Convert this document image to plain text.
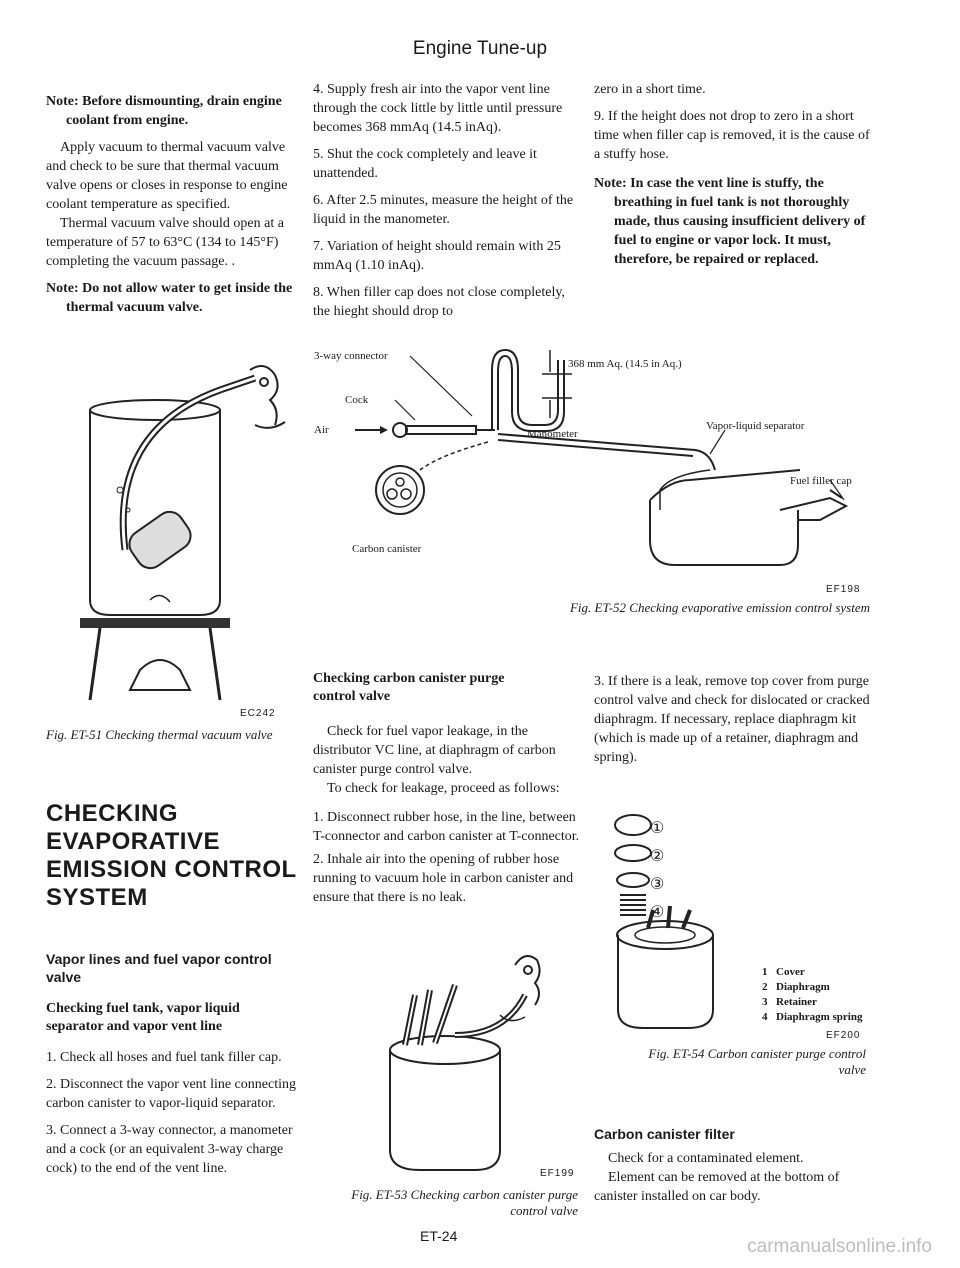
Engine Tune-up

Note: Before dismounting, drain engine coolant from engine.

Apply vacuum to thermal vacuum valve and check to be sure that thermal vacuum valve opens or closes in response to engine coolant temperature as specified.

Thermal vacuum valve should open at a temperature of 57 to 63°C (134 to 145°F) completing the vacuum passage. .

Note: Do not allow water to get inside the thermal vacuum valve.

EC242
Fig. ET-51 Checking thermal vacuum valve

CHECKING EVAPORATIVE EMISSION CONTROL SYSTEM

Vapor lines and fuel vapor control valve

Checking fuel tank, vapor liquid separator and vapor vent line

1. Check all hoses and fuel tank filler cap.

2. Disconnect the vapor vent line connecting carbon canister to vapor-liquid separator.

3. Connect a 3-way connector, a manometer and a cock (or an equivalent 3-way charge cock) to the end of the vent line.

4. Supply fresh air into the vapor vent line through the cock little by little until pressure becomes 368 mmAq (14.5 inAq).

5. Shut the cock completely and leave it unattended.

6. After 2.5 minutes, measure the height of the liquid in the manometer.

7. Variation of height should remain with 25 mmAq (1.10 inAq).

8. When filler cap does not close completely, the hieght should drop to

zero in a short time.

9. If the height does not drop to zero in a short time when filler cap is removed, it is the cause of a stuffy hose.

Note: In case the vent line is stuffy, the breathing in fuel tank is not thoroughly made, thus causing insufficient delivery of fuel to engine or vapor lock. It must, therefore, be repaired or replaced.

3-way connector
368 mm Aq. (14.5 in Aq.)
Cock
Air	Manometer
Vapor-liquid separator
Fuel filler cap
Carbon canister
EF198
Fig. ET-52 Checking evaporative emission control system

Checking carbon canister purge control valve

Check for fuel vapor leakage, in the distributor VC line, at diaphragm of carbon canister purge control valve.

To check for leakage, proceed as follows:

1. Disconnect rubber hose, in the line, between T-connector and carbon canister at T-connector.

2. Inhale air into the opening of rubber hose running to vacuum hole in carbon canister and ensure that there is no leak.

EF199
Fig. ET-53 Checking carbon canister purge control valve
ET-24

3. If there is a leak, remove top cover from purge control valve and check for dislocated or cracked diaphragm. If necessary, replace diaphragm kit (which is made up of a retainer, diaphragm and spring).

①
②
③
④
1 Cover
2 Diaphragm
3 Retainer
4 Diaphragm spring
EF200
Fig. ET-54 Carbon canister purge control valve

Carbon canister filter

Check for a contaminated element.

Element can be removed at the bottom of canister installed on car body.

carmanualsonline.info
